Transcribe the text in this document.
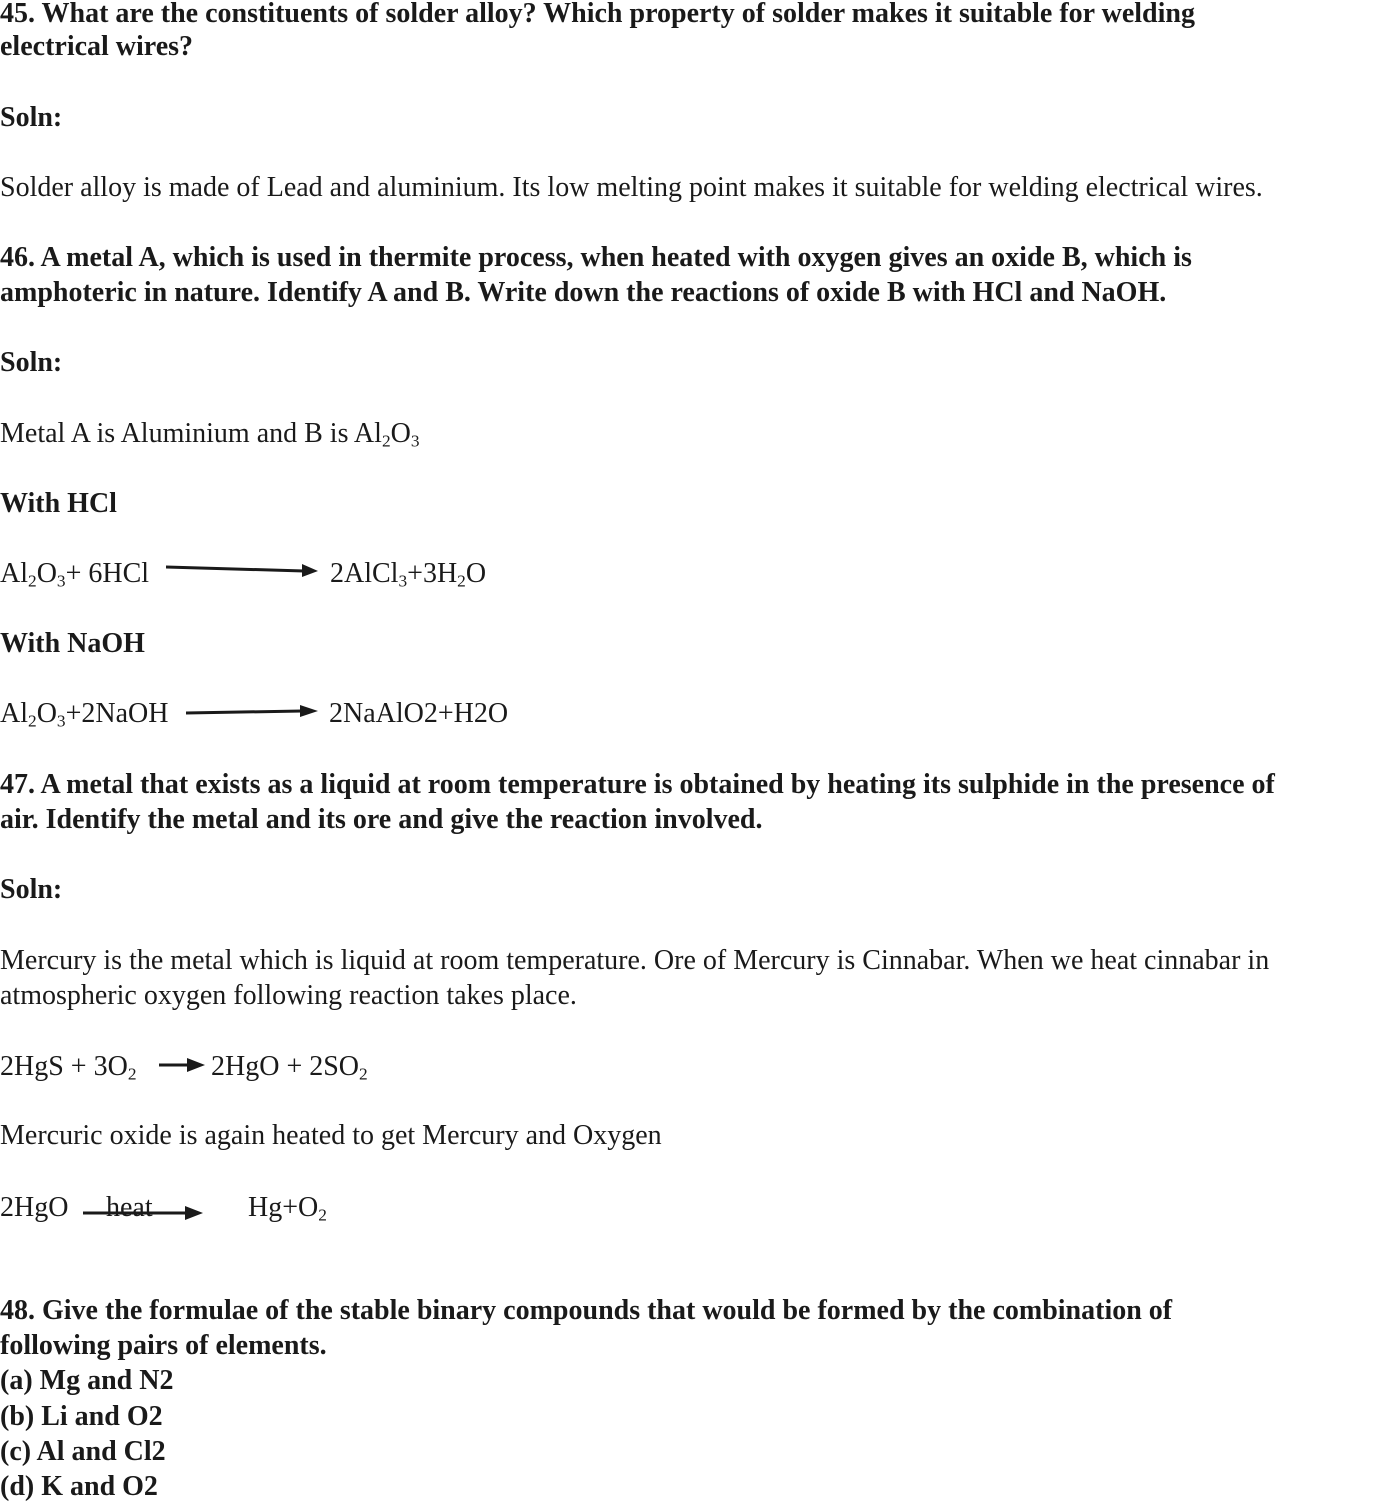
45. What are the constituents of solder alloy? Which property of solder makes it suitable for welding
electrical wires?
Soln:
Solder alloy is made of Lead and aluminium. Its low melting point makes it suitable for welding electrical wires.
46. A metal A, which is used in thermite process, when heated with oxygen gives an oxide B, which is
amphoteric in nature. Identify A and B. Write down the reactions of oxide B with HCl and NaOH.
Soln:
Metal A is Aluminium and B is $Al_2O_3$
With HCl
$Al_2O_3+ 6HCl$	$2AlCl_3+3H_2O$
With NaOH
$Al_2O_3+2NaOH$	2NaAlO2+H2O
47. A metal that exists as a liquid at room temperature is obtained by heating its sulphide in the presence of
air. Identify the metal and its ore and give the reaction involved.
Soln:
Mercury is the metal which is liquid at room temperature. Ore of Mercury is Cinnabar. When we heat cinnabar in
atmospheric oxygen following reaction takes place.
$2HgS + 3O_2 \to 2HgO + 2SO_2$
Mercuric oxide is again heated to get Mercury and Oxygen
2HgO heat	$Hg+O_2$
48. Give the formulae of the stable binary compounds that would be formed by the combination of
following pairs of elements.
(a) Mg and N2
(b) Li and O2
(c) Al and Cl2
(d) K and O2
